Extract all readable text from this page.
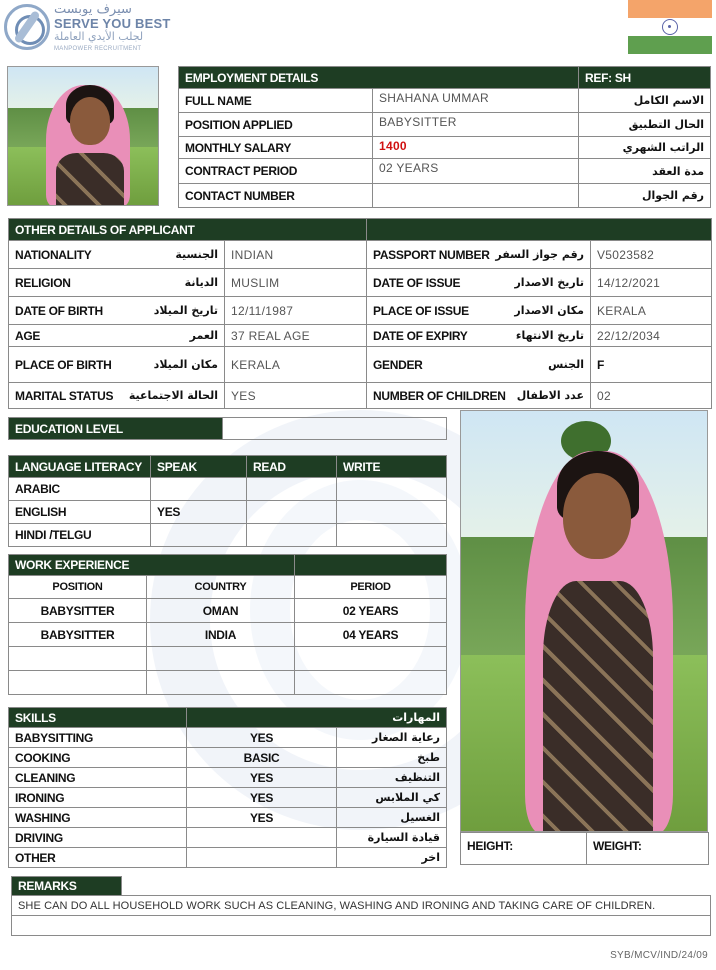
سيرف يوبست
SERVE YOU BEST
لجلب الأيدي العاملة
MANPOWER RECRUITMENT
EMPLOYMENT DETAILS		REF: SH
FULL NAME	SHAHANA UMMAR	الاسم الكامل
POSITION APPLIED	BABYSITTER	الحال التطبيق
MONTHLY SALARY	1400	الراتب الشهري
CONTRACT PERIOD	02 YEARS	مدة العقد
CONTACT NUMBER		رقم الجوال
OTHER DETAILS OF APPLICANT			
NATIONALITY الجنسية	INDIAN	PASSPORT NUMBER رقم جواز السفر	V5023582
RELIGION الديانة	MUSLIM	DATE OF ISSUE تاريخ الاصدار	14/12/2021
DATE OF BIRTH تاريخ الميلاد	12/11/1987	PLACE OF ISSUE مكان الاصدار	KERALA
AGE العمر	37 REAL AGE	DATE OF EXPIRY تاريخ الانتهاء	22/12/2034
PLACE OF BIRTH مكان الميلاد	KERALA	GENDER الجنس	F
MARITAL STATUS الحالة الاجتماعية	YES	NUMBER OF CHILDREN عدد الاطفال	02
EDUCATION LEVEL	
LANGUAGE LITERACY	SPEAK	READ	WRITE
ARABIC			
ENGLISH	YES		
HINDI /TELGU			
WORK EXPERIENCE		
POSITION	COUNTRY	PERIOD
BABYSITTER	OMAN	02 YEARS
BABYSITTER	INDIA	04 YEARS

SKILLS	المهارات	
BABYSITTING	YES	رعاية الصغار
COOKING	BASIC	طبخ
CLEANING	YES	التنظيف
IRONING	YES	كي الملابس
WASHING	YES	الغسيل
DRIVING		قيادة السيارة
OTHER		اخر
HEIGHT:	WEIGHT:
REMARKS	
SHE CAN DO ALL HOUSEHOLD WORK SUCH AS CLEANING, WASHING AND IRONING AND TAKING CARE OF CHILDREN.

SYB/MCV/IND/24/09
